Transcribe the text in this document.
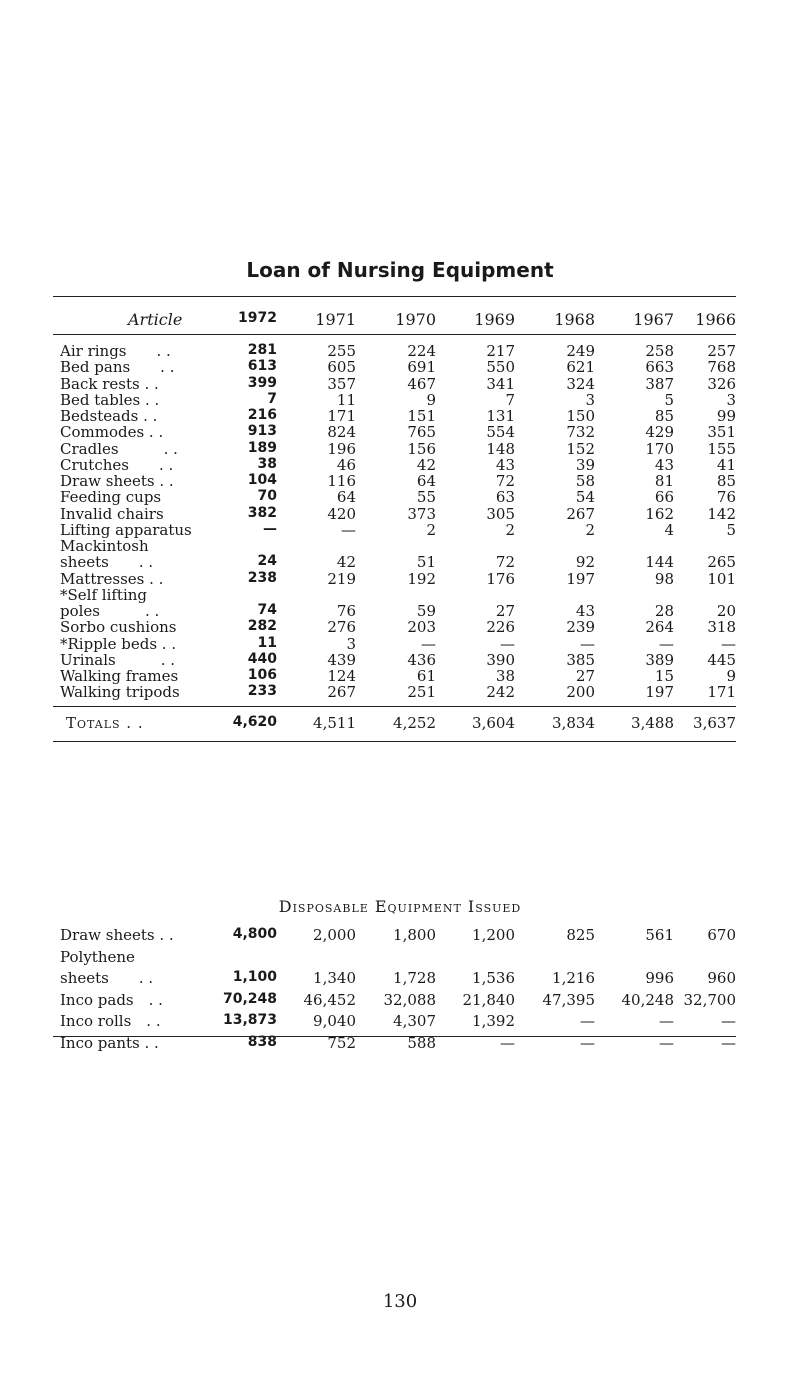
Loan of Nursing Equipment
Article	1972	1971	1970	1969	1968	1967	1966
Air rings  . .	281	255	224	217	249	258	257
Bed pans  . .	613	605	691	550	621	663	768
Back rests . .	399	357	467	341	324	387	326
Bed tables . .	7	11	9	7	3	5	3
Bedsteads . .	216	171	151	131	150	85	99
Commodes . .	913	824	765	554	732	429	351
Cradles   . .	189	196	156	148	152	170	155
Crutches  . .	38	46	42	43	39	43	41
Draw sheets . .	104	116	64	72	58	81	85
Feeding cups	70	64	55	63	54	66	76
Invalid chairs	382	420	373	305	267	162	142
Lifting apparatus	—	—	2	2	2	4	5
Mackintosh
sheets  . .	24	42	51	72	92	144	265
Mattresses . .	238	219	192	176	197	98	101
*Self lifting
poles   . .	74	76	59	27	43	28	20
Sorbo cushions	282	276	203	226	239	264	318
*Ripple beds . .	11	3	—	—	—	—	—
Urinals   . .	440	439	436	390	385	389	445
Walking frames	106	124	61	38	27	15	9
Walking tripods	233	267	251	242	200	197	171
Totals . .	4,620	4,511	4,252	3,604	3,834	3,488	3,637
Disposable Equipment Issued
Draw sheets . .	4,800	2,000	1,800	1,200	825	561	670
Polythene
sheets  . .	1,100	1,340	1,728	1,536	1,216	996	960
Inco pads . .	70,248	46,452	32,088	21,840	47,395	40,248 32,700
Inco rolls . .	13,873	9,040	4,307	1,392	—	—	—
Inco pants . .	838	752	588	—	—	—	—
130
